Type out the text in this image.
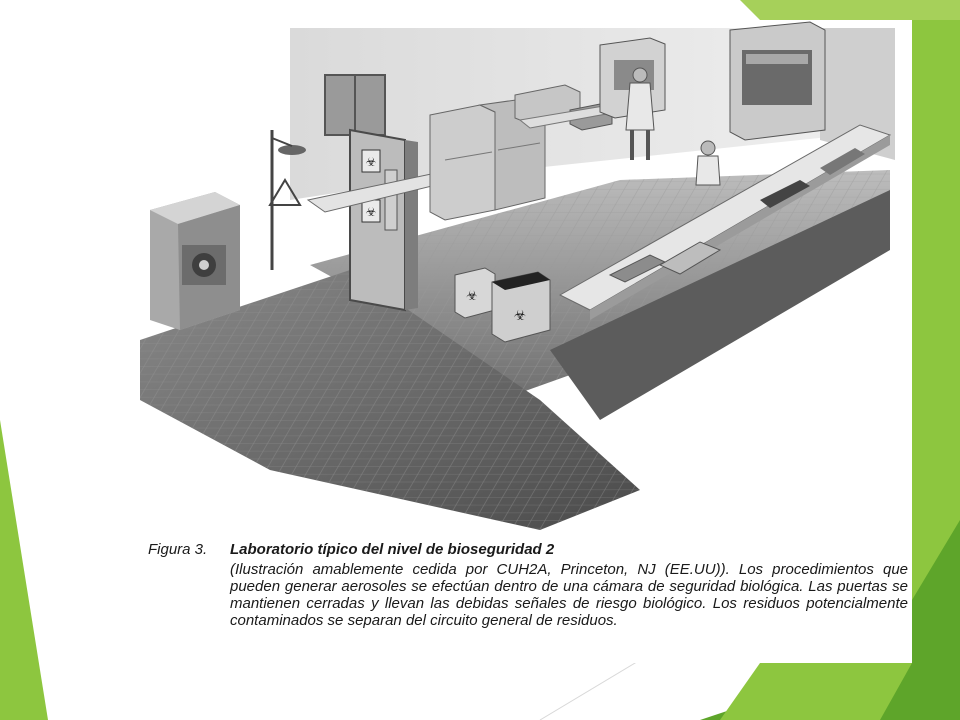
☣
☣
☣
☣
Figura 3.	Laboratorio típico del nivel de bioseguridad 2
(Ilustración amablemente cedida por CUH2A, Princeton, NJ (EE.UU)). Los procedimientos que pueden generar aerosoles se efectúan dentro de una cámara de seguridad biológica. Las puertas se mantienen cerradas y llevan las debidas señales de riesgo biológico. Los residuos potencialmente contaminados se separan del circuito general de residuos.
